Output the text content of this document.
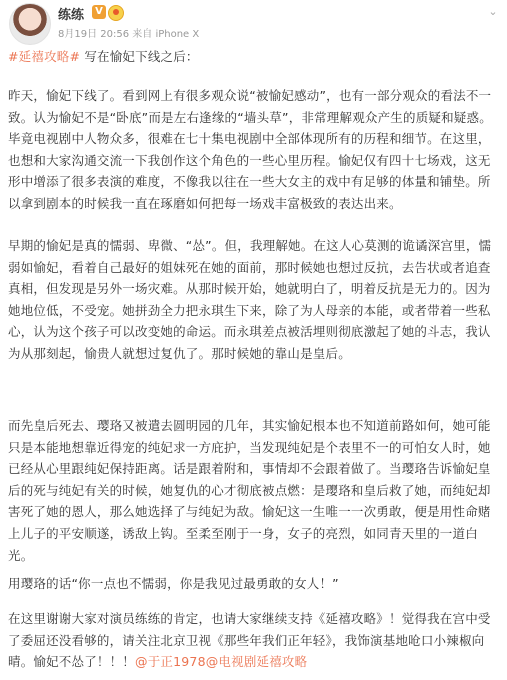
练练	V
8月19日 20:56 来自 iPhone X
⌄
#延禧攻略# 写在愉妃下线之后：
昨天，愉妃下线了。看到网上有很多观众说“被愉妃感动”，也有一部分观众的看法不一致。认为愉妃不是“卧底”而是左右逢缘的“墙头草”，非常理解观众产生的质疑和疑惑。毕竟电视剧中人物众多，很难在七十集电视剧中全部体现所有的历程和细节。在这里，也想和大家沟通交流一下我创作这个角色的一些心里历程。愉妃仅有四十七场戏，这无形中增添了很多表演的难度，不像我以往在一些大女主的戏中有足够的体量和铺垫。所以拿到剧本的时候我一直在琢磨如何把每一场戏丰富极致的表达出来。
早期的愉妃是真的懦弱、卑微、“怂”。但，我理解她。在这人心莫测的诡谲深宫里，懦弱如愉妃，看着自己最好的姐妹死在她的面前，那时候她也想过反抗，去告状或者追查真相，但发现是另外一场灾难。从那时候开始，她就明白了，明着反抗是无力的。因为她地位低，不受宠。她拼劲全力把永琪生下来，除了为人母亲的本能，或者带着一些私心，认为这个孩子可以改变她的命运。而永琪差点被活埋则彻底激起了她的斗志，我认为从那刻起，愉贵人就想过复仇了。那时候她的靠山是皇后。
而先皇后死去、璎珞又被遣去圆明园的几年，其实愉妃根本也不知道前路如何，她可能只是本能地想靠近得宠的纯妃求一方庇护，当发现纯妃是个表里不一的可怕女人时，她已经从心里跟纯妃保持距离。话是跟着附和，事情却不会跟着做了。当璎珞告诉愉妃皇后的死与纯妃有关的时候，她复仇的心才彻底被点燃：是璎珞和皇后救了她，而纯妃却害死了她的恩人，那么她选择了与纯妃为敌。愉妃这一生唯一一次勇敢，便是用性命赌上儿子的平安顺遂，诱敌上钩。至柔至刚于一身，女子的亮烈，如同青天里的一道白光。
用璎珞的话“你一点也不懦弱，你是我见过最勇敢的女人！”
在这里谢谢大家对演员练练的肯定，也请大家继续支持《延禧攻略》！觉得我在宫中受了委屈还没看够的，请关注北京卫视《那些年我们正年轻》，我饰演基地呛口小辣椒向晴。愉妃不怂了！！！@于正1978@电视剧延禧攻略
